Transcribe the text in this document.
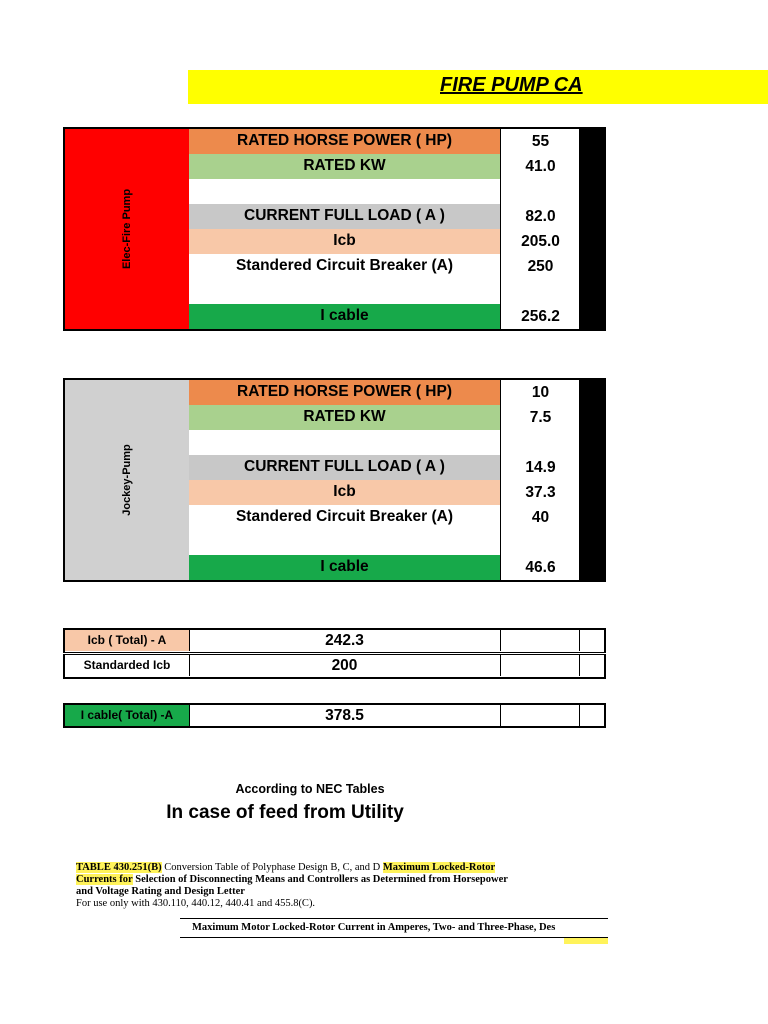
FIRE PUMP CA
Elec-Fire Pump
RATED HORSE POWER ( HP)	55
RATED KW	41.0
CURRENT FULL LOAD ( A )	82.0
Icb	205.0
Standered Circuit Breaker (A)	250
I cable	256.2
Jockey-Pump
RATED HORSE POWER ( HP)	10
RATED KW	7.5
CURRENT FULL LOAD ( A )	14.9
Icb	37.3
Standered Circuit Breaker (A)	40
I cable	46.6
Icb ( Total) - A	242.3
Standarded Icb	200
I cable( Total) -A	378.5
According to NEC Tables
In case of feed from Utility
TABLE 430.251(B) Conversion Table of Polyphase Design B, C, and D Maximum Locked-Rotor
Currents for Selection of Disconnecting Means and Controllers as Determined from Horsepower
and Voltage Rating and Design Letter
For use only with 430.110, 440.12, 440.41 and 455.8(C).
Maximum Motor Locked-Rotor Current in Amperes, Two- and Three-Phase, Des
